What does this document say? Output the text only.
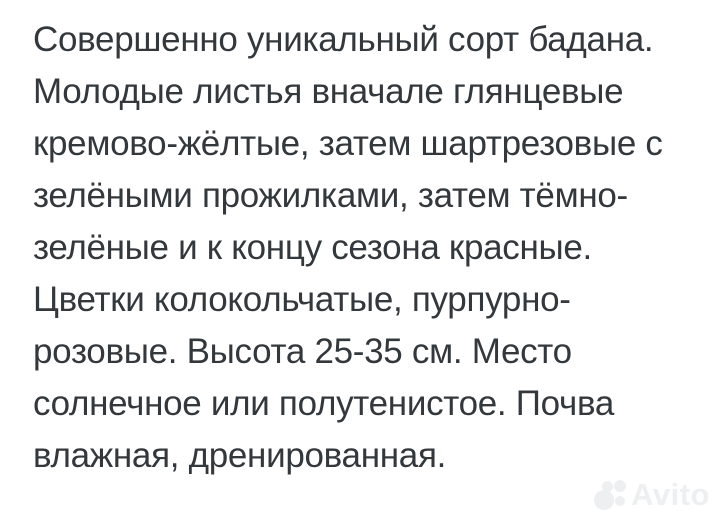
Совершенно уникальный сорт бадана.
Молодые листья вначале глянцевые
кремово-жёлтые, затем шартрезовые с
зелёными прожилками, затем тёмно-
зелёные и к концу сезона красные.
Цветки колокольчатые, пурпурно-
розовые. Высота 25-35 см. Место
солнечное или полутенистое. Почва
влажная, дренированная.
Avito
